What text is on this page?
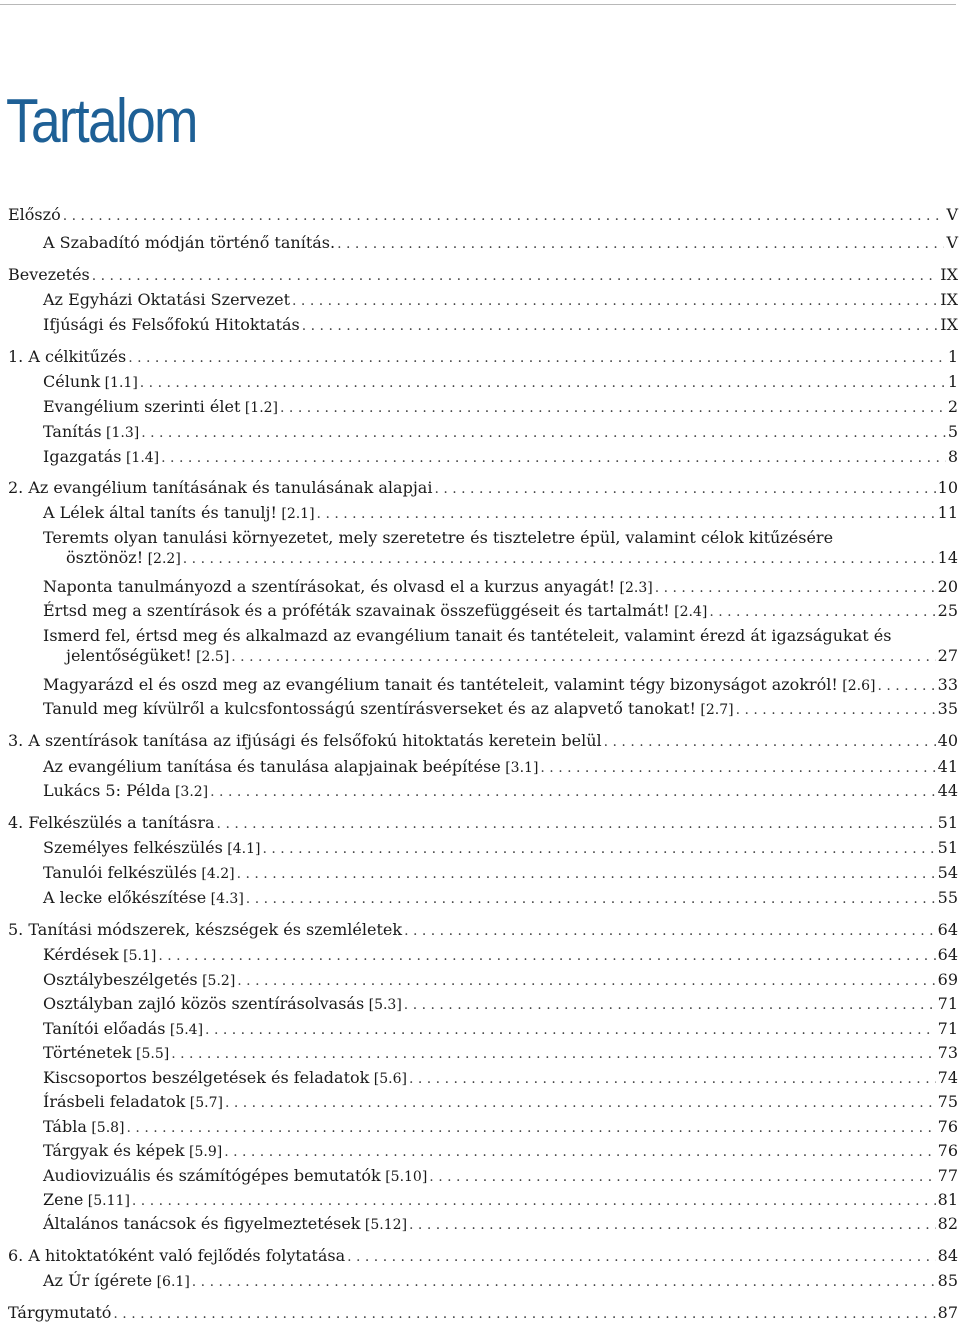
Tartalom
Előszó . . .	V
A Szabadító módján történő tanítás. . . .	V
Bevezetés . . .	IX
Az Egyházi Oktatási Szervezet . . .	IX
Ifjúsági és Felsőfokú Hitoktatás . . .	IX
1. A célkitűzés . . .	1
Célunk [1.1] . . .	1
Evangélium szerinti élet [1.2] . . .	2
Tanítás [1.3] . . .	5
Igazgatás [1.4] . . .	8
2. Az evangélium tanításának és tanulásának alapjai . . .	10
A Lélek által taníts és tanulj! [2.1] . . .	11
Teremts olyan tanulási környezetet, mely szeretetre és tiszteletre épül, valamint célok kitűzésére
ösztönöz! [2.2] . . .	14
Naponta tanulmányozd a szentírásokat, és olvasd el a kurzus anyagát! [2.3] . . .	20
Értsd meg a szentírások és a próféták szavainak összefüggéseit és tartalmát! [2.4] . . .	25
Ismerd fel, értsd meg és alkalmazd az evangélium tanait és tantételeit, valamint érezd át igazságukat és
jelentőségüket! [2.5] . . .	27
Magyarázd el és oszd meg az evangélium tanait és tantételeit, valamint tégy bizonyságot azokról! [2.6] . . .	33
Tanuld meg kívülről a kulcsfontosságú szentírásverseket és az alapvető tanokat! [2.7] . . .	35
3. A szentírások tanítása az ifjúsági és felsőfokú hitoktatás keretein belül . . .	40
Az evangélium tanítása és tanulása alapjainak beépítése [3.1] . . .	41
Lukács 5: Példa [3.2] . . .	44
4. Felkészülés a tanításra . . .	51
Személyes felkészülés [4.1] . . .	51
Tanulói felkészülés [4.2] . . .	54
A lecke előkészítése [4.3] . . .	55
5. Tanítási módszerek, készségek és szemléletek . . .	64
Kérdések [5.1] . . .	64
Osztálybeszélgetés [5.2] . . .	69
Osztályban zajló közös szentírásolvasás [5.3] . . .	71
Tanítói előadás [5.4] . . .	71
Történetek [5.5] . . .	73
Kiscsoportos beszélgetések és feladatok [5.6] . . .	74
Írásbeli feladatok [5.7] . . .	75
Tábla [5.8] . . .	76
Tárgyak és képek [5.9] . . .	76
Audiovizuális és számítógépes bemutatók [5.10] . . .	77
Zene [5.11] . . .	81
Általános tanácsok és figyelmeztetések [5.12] . . .	82
6. A hitoktatóként való fejlődés folytatása . . .	84
Az Úr ígérete [6.1] . . .	85
Tárgymutató . . .	87
